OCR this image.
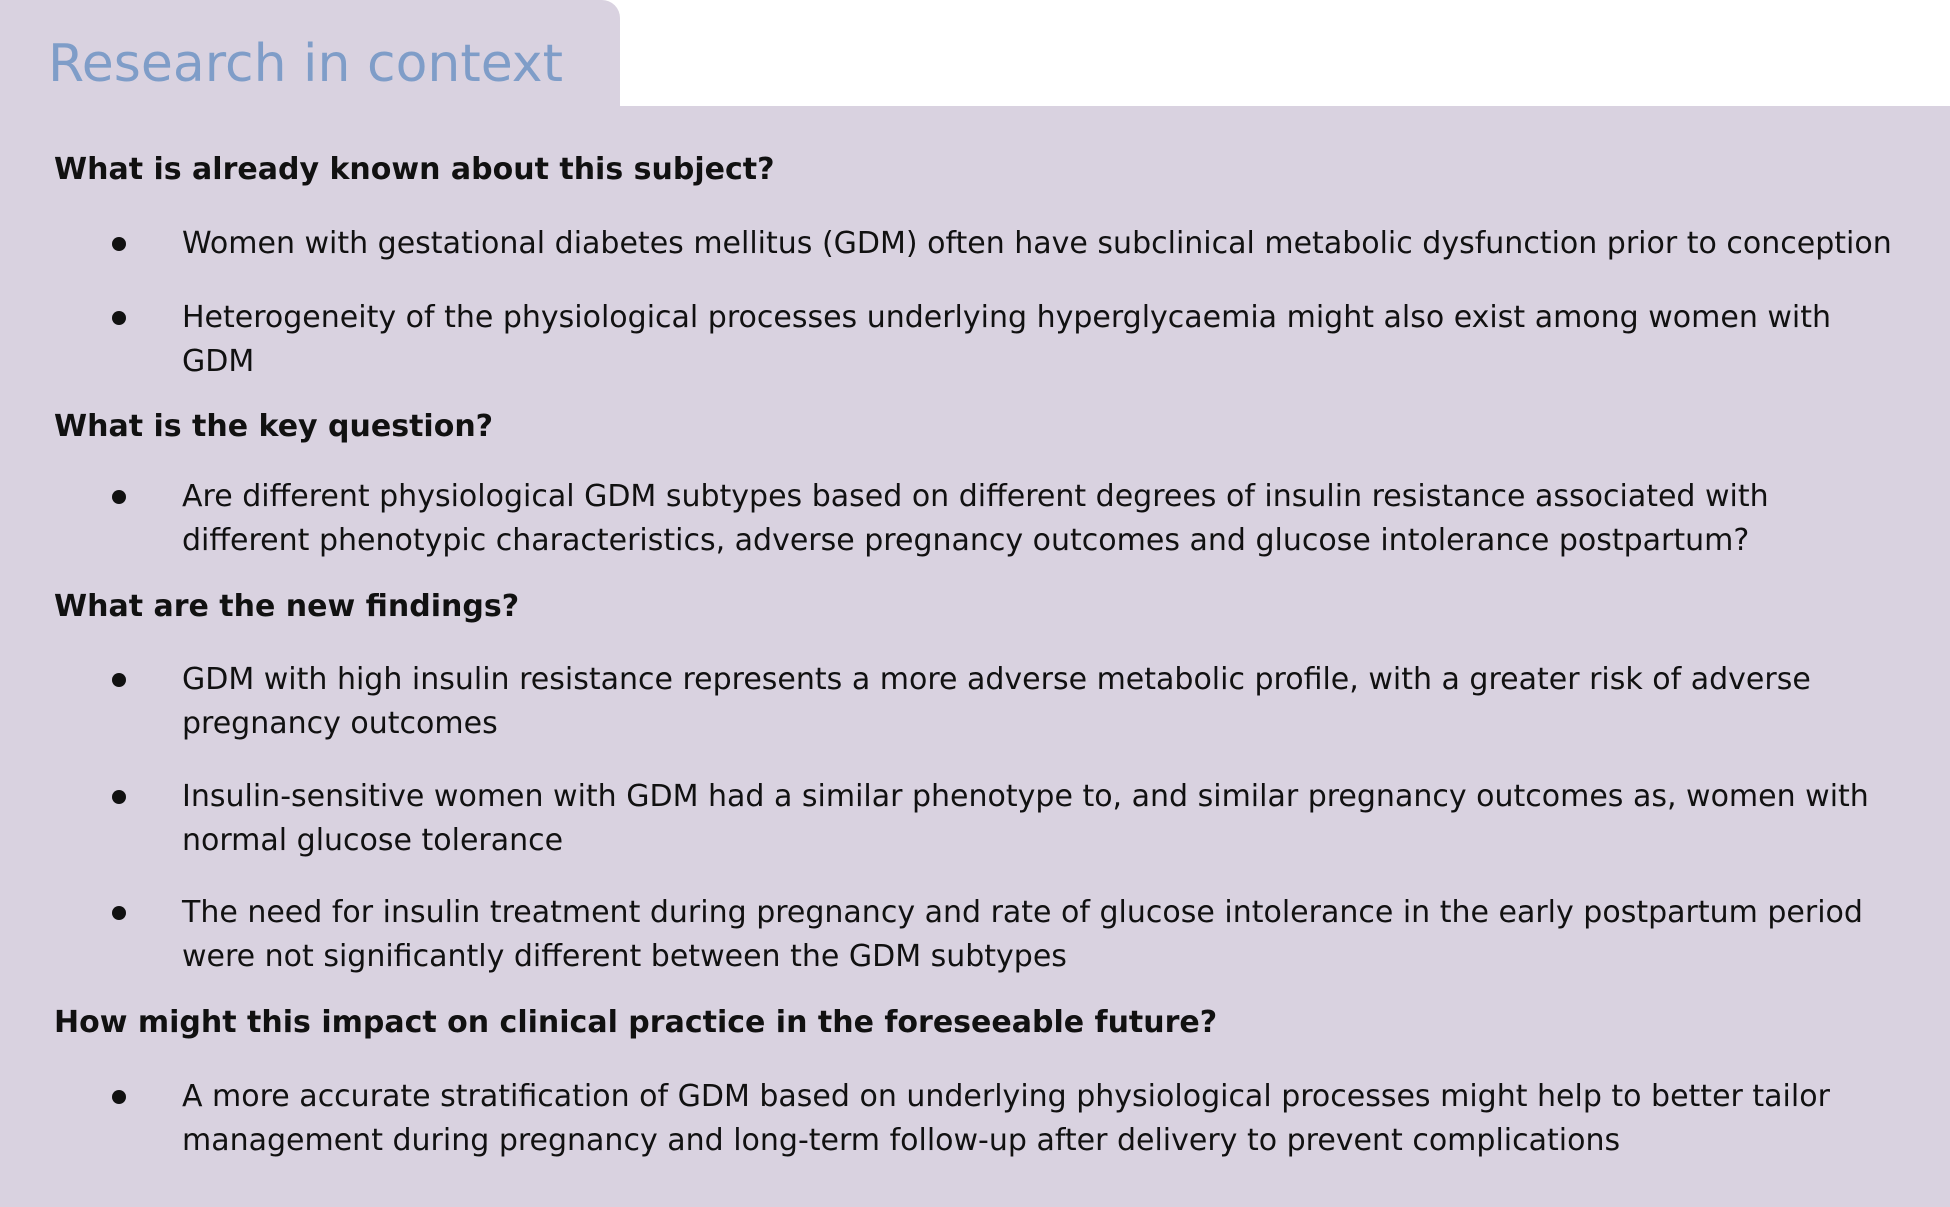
Research in context
What is already known about this subject?

Women with gestational diabetes mellitus (GDM) often have subclinical metabolic dysfunction prior to conception

Heterogeneity of the physiological processes underlying hyperglycaemia might also exist among women with GDM

What is the key question?

Are different physiological GDM subtypes based on different degrees of insulin resistance associated with different phenotypic characteristics, adverse pregnancy outcomes and glucose intolerance postpartum?

What are the new findings?

GDM with high insulin resistance represents a more adverse metabolic profile, with a greater risk of adverse pregnancy outcomes

Insulin-sensitive women with GDM had a similar phenotype to, and similar pregnancy outcomes as, women with normal glucose tolerance

The need for insulin treatment during pregnancy and rate of glucose intolerance in the early postpartum period were not significantly different between the GDM subtypes

How might this impact on clinical practice in the foreseeable future?

A more accurate stratification of GDM based on underlying physiological processes might help to better tailor management during pregnancy and long-term follow-up after delivery to prevent complications
